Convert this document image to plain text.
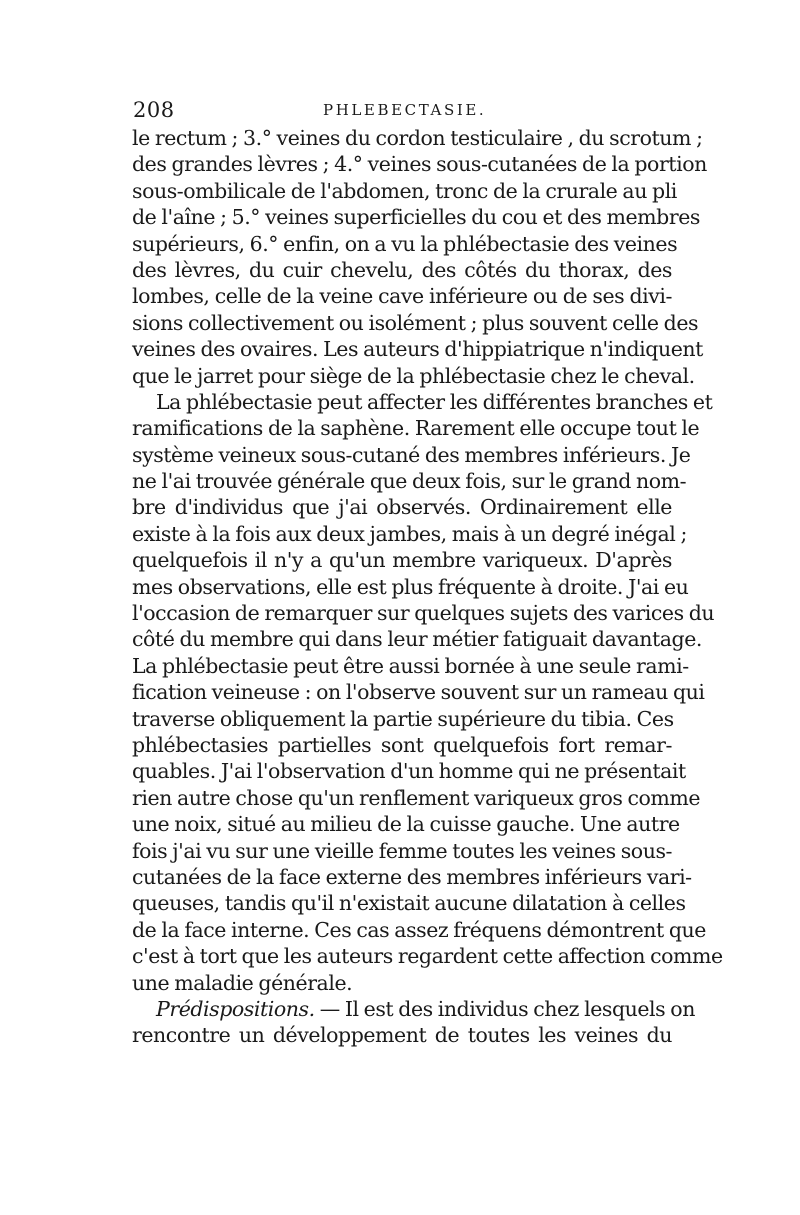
208	PHLEBECTASIE.
le rectum ; 3.° veines du cordon testiculaire , du scrotum ;
des grandes lèvres ; 4.° veines sous-cutanées de la portion
sous-ombilicale de l'abdomen, tronc de la crurale au pli
de l'aîne ; 5.° veines superficielles du cou et des membres
supérieurs, 6.° enfin, on a vu la phlébectasie des veines
des lèvres, du cuir chevelu, des côtés du thorax, des
lombes, celle de la veine cave inférieure ou de ses divi-
sions collectivement ou isolément ; plus souvent celle des
veines des ovaires. Les auteurs d'hippiatrique n'indiquent
que le jarret pour siège de la phlébectasie chez le cheval.
La phlébectasie peut affecter les différentes branches et
ramifications de la saphène. Rarement elle occupe tout le
système veineux sous-cutané des membres inférieurs. Je
ne l'ai trouvée générale que deux fois, sur le grand nom-
bre d'individus que j'ai observés. Ordinairement elle
existe à la fois aux deux jambes, mais à un degré inégal ;
quelquefois il n'y a qu'un membre variqueux. D'après
mes observations, elle est plus fréquente à droite. J'ai eu
l'occasion de remarquer sur quelques sujets des varices du
côté du membre qui dans leur métier fatiguait davantage.
La phlébectasie peut être aussi bornée à une seule rami-
fication veineuse : on l'observe souvent sur un rameau qui
traverse obliquement la partie supérieure du tibia. Ces
phlébectasies partielles sont quelquefois fort remar-
quables. J'ai l'observation d'un homme qui ne présentait
rien autre chose qu'un renflement variqueux gros comme
une noix, situé au milieu de la cuisse gauche. Une autre
fois j'ai vu sur une vieille femme toutes les veines sous-
cutanées de la face externe des membres inférieurs vari-
queuses, tandis qu'il n'existait aucune dilatation à celles
de la face interne. Ces cas assez fréquens démontrent que
c'est à tort que les auteurs regardent cette affection comme
une maladie générale.
Prédispositions. — Il est des individus chez lesquels on
rencontre un développement de toutes les veines du
